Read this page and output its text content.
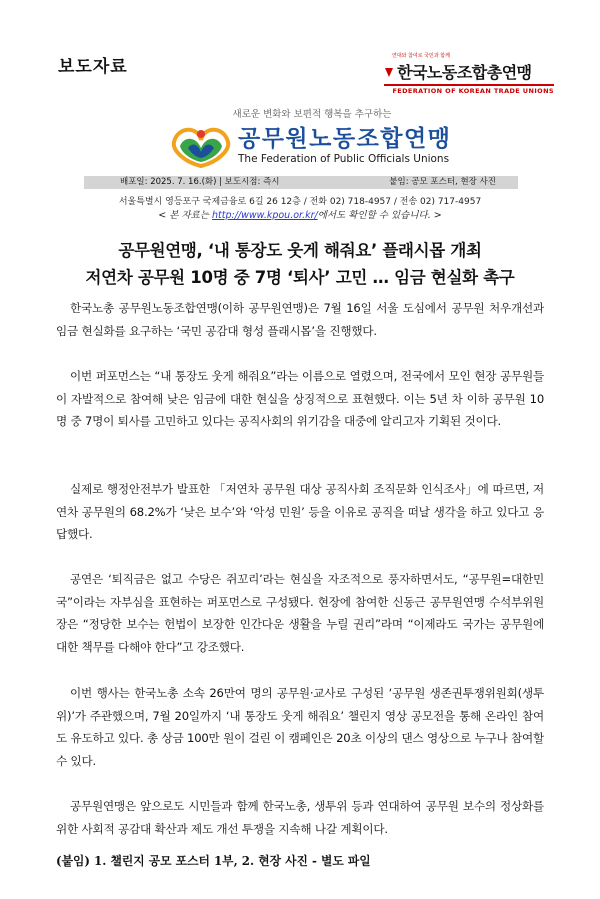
보도자료
연대와 참여로 국민과 함께
한국노동조합총연맹
FEDERATION OF KOREAN TRADE UNIONS
새로운 변화와 보편적 행복을 추구하는
공무원노동조합연맹
The Federation of Public Officials Unions
배포일: 2025. 7. 16.(화) | 보도시점: 즉시	붙임: 공모 포스터, 현장 사진
서울특별시 영등포구 국제금융로 6길 26 12층 / 전화 02) 718-4957 / 전송 02) 717-4957
< 본 자료는 http://www.kpou.or.kr/에서도 확인할 수 있습니다. >
공무원연맹, ‘내 통장도 웃게 해줘요’ 플래시몹 개최
저연차 공무원 10명 중 7명 ‘퇴사’ 고민 … 임금 현실화 촉구

한국노총 공무원노동조합연맹(이하 공무원연맹)은 7월 16일 서울 도심에서 공무원 처우개선과 임금 현실화를 요구하는 ‘국민 공감대 형성 플래시몹’을 진행했다.

이번 퍼포먼스는 “내 통장도 웃게 해줘요”라는 이름으로 열렸으며, 전국에서 모인 현장 공무원들이 자발적으로 참여해 낮은 임금에 대한 현실을 상징적으로 표현했다. 이는 5년 차 이하 공무원 10명 중 7명이 퇴사를 고민하고 있다는 공직사회의 위기감을 대중에 알리고자 기획된 것이다.

실제로 행정안전부가 발표한 「저연차 공무원 대상 공직사회 조직문화 인식조사」에 따르면, 저연차 공무원의 68.2%가 ‘낮은 보수’와 ‘악성 민원’ 등을 이유로 공직을 떠날 생각을 하고 있다고 응답했다.

공연은 ‘퇴직금은 없고 수당은 쥐꼬리’라는 현실을 자조적으로 풍자하면서도, “공무원=대한민국”이라는 자부심을 표현하는 퍼포먼스로 구성됐다. 현장에 참여한 신동근 공무원연맹 수석부위원장은 “정당한 보수는 헌법이 보장한 인간다운 생활을 누릴 권리”라며 “이제라도 국가는 공무원에 대한 책무를 다해야 한다”고 강조했다.

이번 행사는 한국노총 소속 26만여 명의 공무원·교사로 구성된 ‘공무원 생존권투쟁위원회(생투위)’가 주관했으며, 7월 20일까지 ‘내 통장도 웃게 해줘요’ 챌린지 영상 공모전을 통해 온라인 참여도 유도하고 있다. 총 상금 100만 원이 걸린 이 캠페인은 20초 이상의 댄스 영상으로 누구나 참여할 수 있다.

공무원연맹은 앞으로도 시민들과 함께 한국노총, 생투위 등과 연대하여 공무원 보수의 정상화를 위한 사회적 공감대 확산과 제도 개선 투쟁을 지속해 나갈 계획이다.

(붙임) 1. 챌린지 공모 포스터 1부, 2. 현장 사진 - 별도 파일
